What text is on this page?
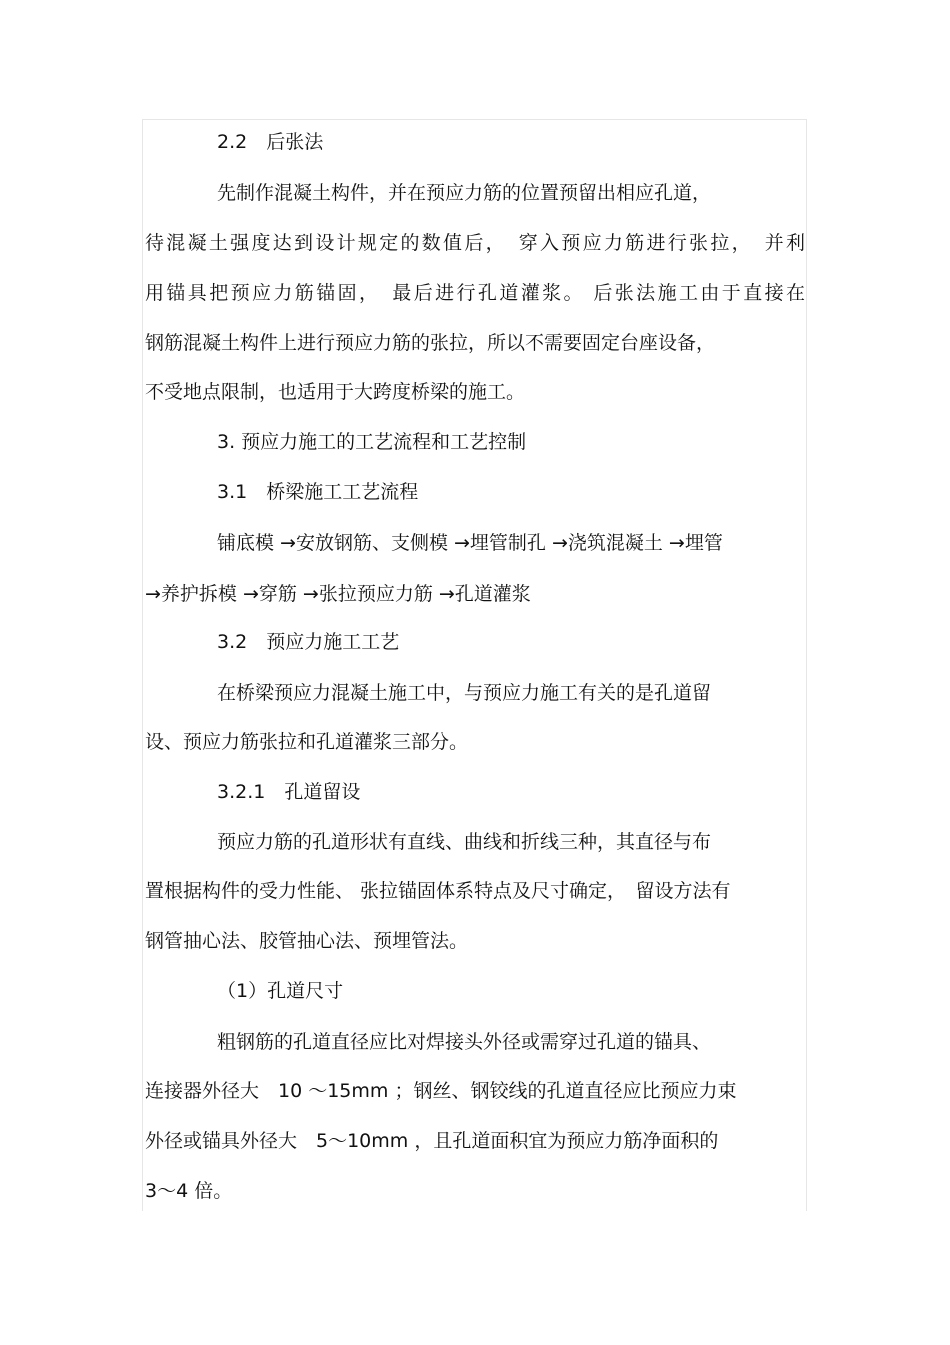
2.2　后张法
先制作混凝土构件，并在预应力筋的位置预留出相应孔道，
待混凝土强度达到设计规定的数值后，　穿入预应力筋进行张拉，　并利
用锚具把预应力筋锚固，　最后进行孔道灌浆。 后张法施工由于直接在
钢筋混凝土构件上进行预应力筋的张拉，所以不需要固定台座设备，
不受地点限制，也适用于大跨度桥梁的施工。
3. 预应力施工的工艺流程和工艺控制
3.1　桥梁施工工艺流程
铺底模 →安放钢筋、支侧模 →埋管制孔 →浇筑混凝土 →埋管
→养护拆模 →穿筋 →张拉预应力筋 →孔道灌浆
3.2　预应力施工工艺
在桥梁预应力混凝土施工中，与预应力施工有关的是孔道留
设、预应力筋张拉和孔道灌浆三部分。
3.2.1　孔道留设
预应力筋的孔道形状有直线、曲线和折线三种，其直径与布
置根据构件的受力性能、 张拉锚固体系特点及尺寸确定，　留设方法有
钢管抽心法、胶管抽心法、预埋管法。
（1）孔道尺寸
粗钢筋的孔道直径应比对焊接头外径或需穿过孔道的锚具、
连接器外径大　10 ～15mm ；钢丝、钢铰线的孔道直径应比预应力束
外径或锚具外径大　5～10mm ，且孔道面积宜为预应力筋净面积的
3～4 倍。
